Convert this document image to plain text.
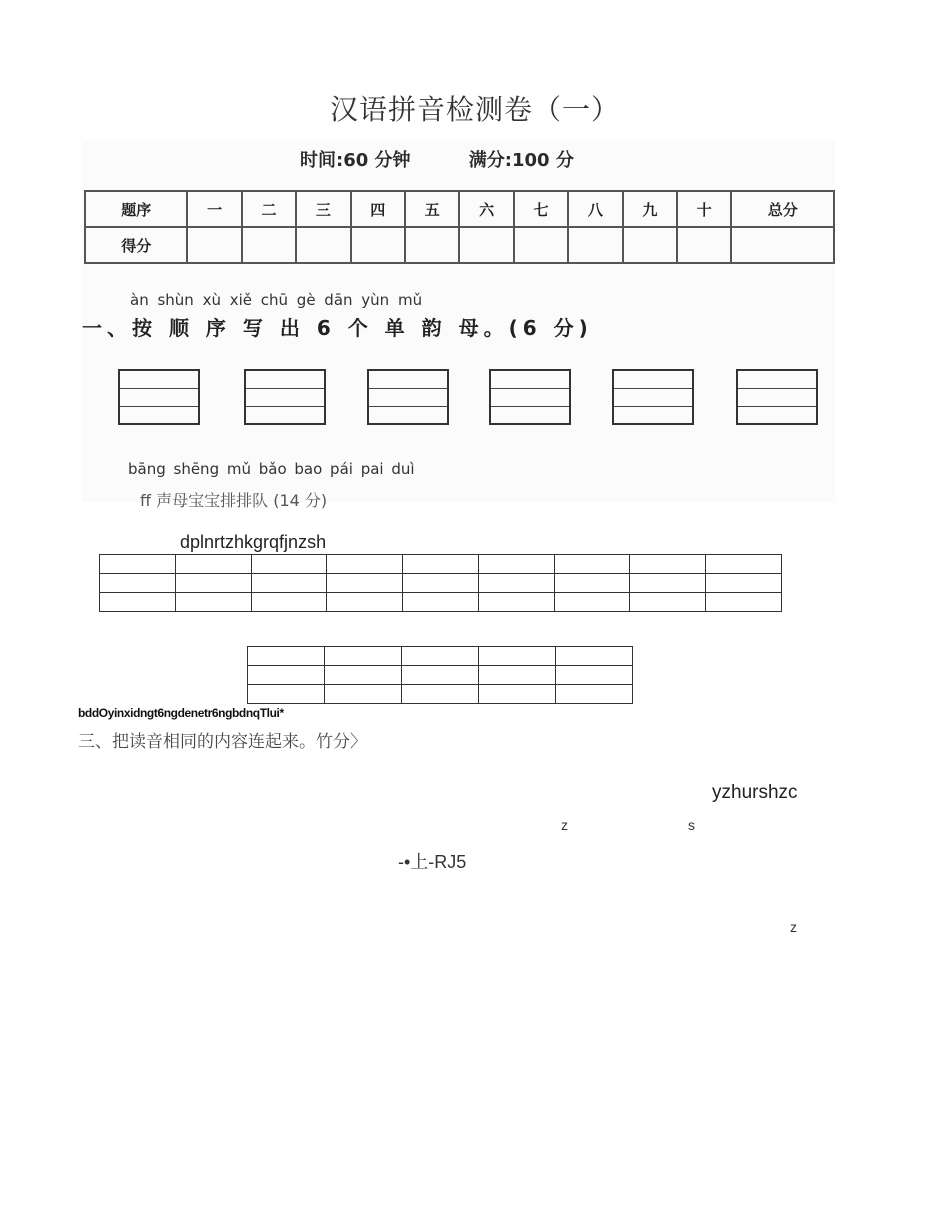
汉语拼音检测卷（一）
时间:60 分钟	满分:100 分
题序	一	二	三	四	五	六	七	八	九	十	总分
得分											
àn shùn xù xiě chū gè dān yùn mǔ
一、按 顺 序 写 出 6 个 单 韵 母。(6 分)
bāng shēng mǔ bǎo bao pái pai duì
ff 声母宝宝排排队 (14 分)
dplnrtzhkgrqfjnzsh

bddOyinxidngt6ngdenetr6ngbdnqTlui*
三、把读音相同的内容连起来。竹分〉
yzhurshzc
z	s
-•上-RJ5
z
